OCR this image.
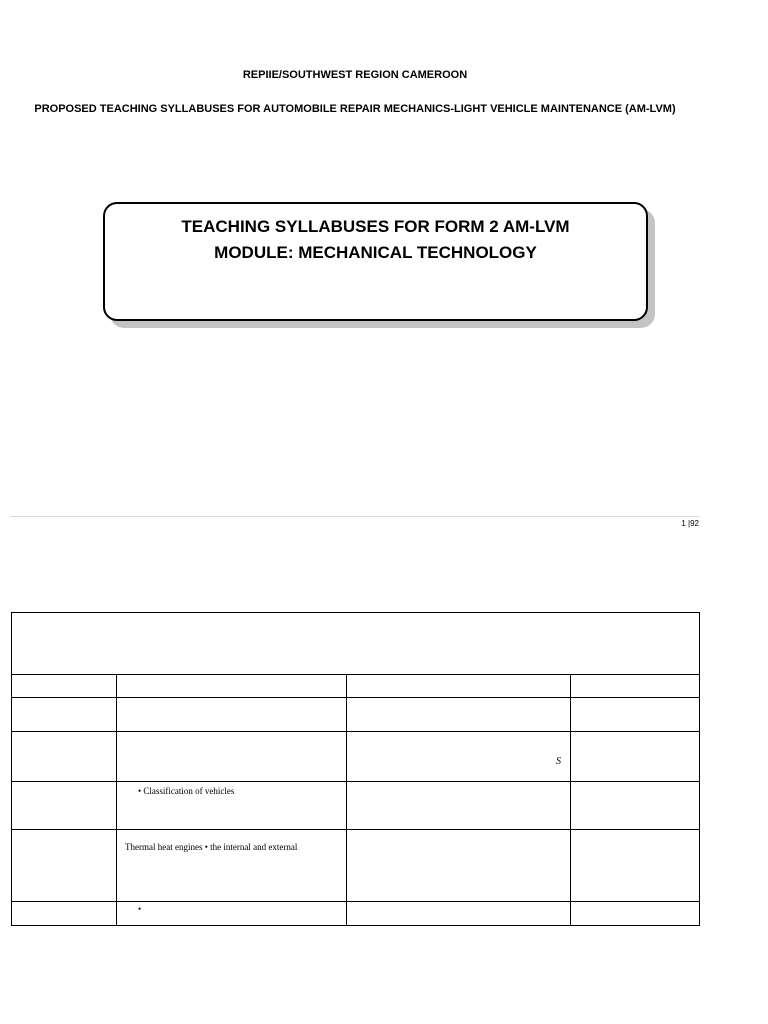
REPIIE/SOUTHWEST REGION CAMEROON
PROPOSED TEACHING SYLLABUSES FOR AUTOMOBILE REPAIR MECHANICS-LIGHT VEHICLE MAINTENANCE (AM-LVM)
TEACHING SYLLABUSES FOR FORM 2 AM-LVM
MODULE: MECHANICAL TECHNOLOGY
1 |92

		S	

	• Classification of vehicles		

	Thermal heat engines • the internal and external		

	•		
